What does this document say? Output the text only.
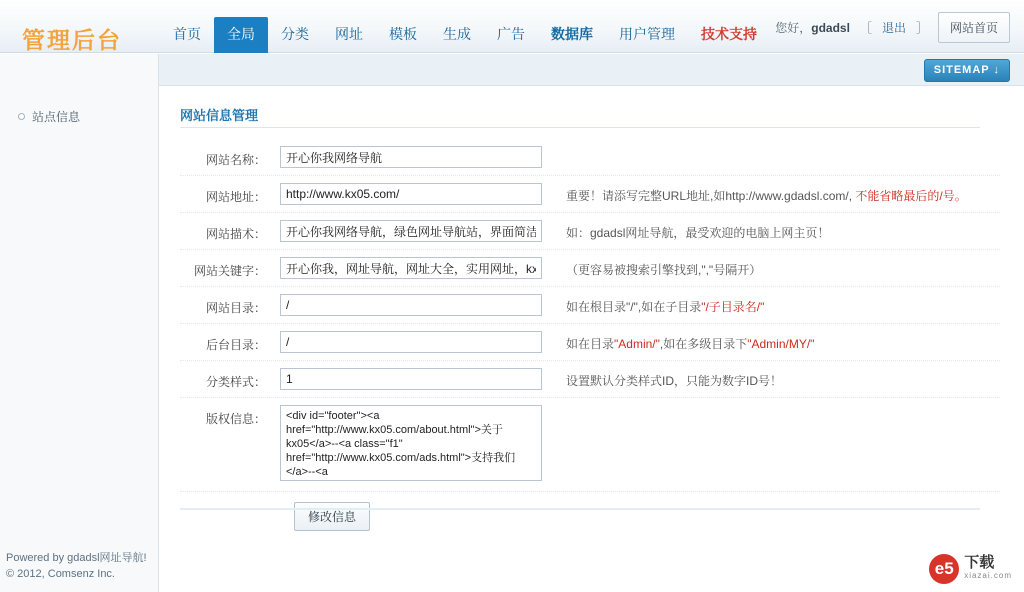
管理后台	首页	全局	分类	网址	模板	生成	广告	数据库	用户管理	技术支持	您好，gdadsl ［ 退出 ］	网站首页
SITEMAP ↓
站点信息
Powered by gdadsl网址导航!
© 2012, Comsenz Inc.
网站信息管理
网站名称：
开心你我网络导航
网站地址：
http://www.kx05.com/	重要！请添写完整URL地址,如http://www.gdadsl.com/, 不能省略最后的/号。
网站描术：
开心你我网络导航，绿色网址导航站，界面简洁	如：gdadsl网址导航，最受欢迎的电脑上网主页！
网站关键字：
开心你我，网址导航，网址大全，实用网址，kx	（更容易被搜索引擎找到,","号隔开）
网站目录：
/	如在根目录"/",如在子目录"/子目录名/"
后台目录：
/	如在目录"Admin/",如在多级目录下"Admin/MY/"
分类样式：
1	设置默认分类样式ID，只能为数字ID号！
版权信息：
<div id="footer"><a href="http://www.kx05.com/about.html">关于kx05</a>--<a class="f1" href="http://www.kx05.com/ads.html">支持我们</a>--<a
修改信息
e5 下载
xiazai.com
